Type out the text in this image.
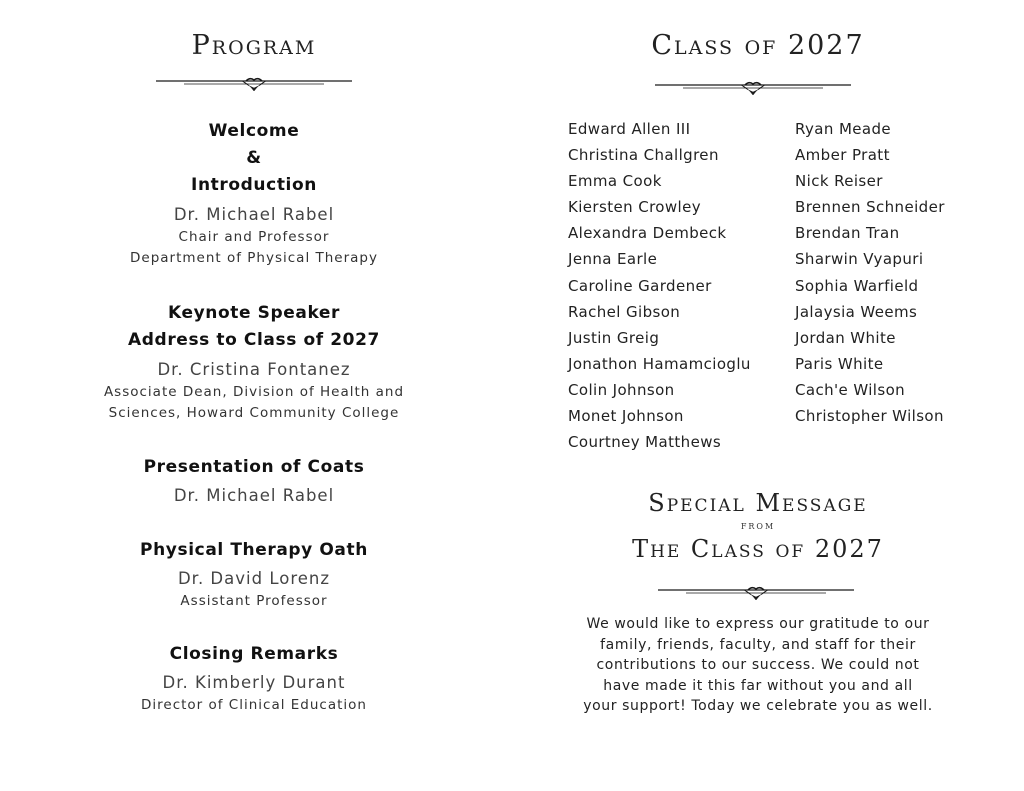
Program
Welcome
&
Introduction
Dr. Michael Rabel
Chair and Professor
Department of Physical Therapy
Keynote Speaker
Address to Class of 2027
Dr. Cristina Fontanez
Associate Dean, Division of Health and
Sciences, Howard Community College
Presentation of Coats
Dr. Michael Rabel
Physical Therapy Oath
Dr. David Lorenz
Assistant Professor
Closing Remarks
Dr. Kimberly Durant
Director of Clinical Education
Class of 2027
Edward Allen III
Christina Challgren
Emma Cook
Kiersten Crowley
Alexandra Dembeck
Jenna Earle
Caroline Gardener
Rachel Gibson
Justin Greig
Jonathon Hamamcioglu
Colin Johnson
Monet Johnson
Courtney Matthews
Ryan Meade
Amber Pratt
Nick Reiser
Brennen Schneider
Brendan Tran
Sharwin Vyapuri
Sophia Warfield
Jalaysia Weems
Jordan White
Paris White
Cach'e Wilson
Christopher Wilson
Special Message
from
The Class of 2027
We would like to express our gratitude to our
family, friends, faculty, and staff for their
contributions to our success. We could not
have made it this far without you and all
your support! Today we celebrate you as well.
